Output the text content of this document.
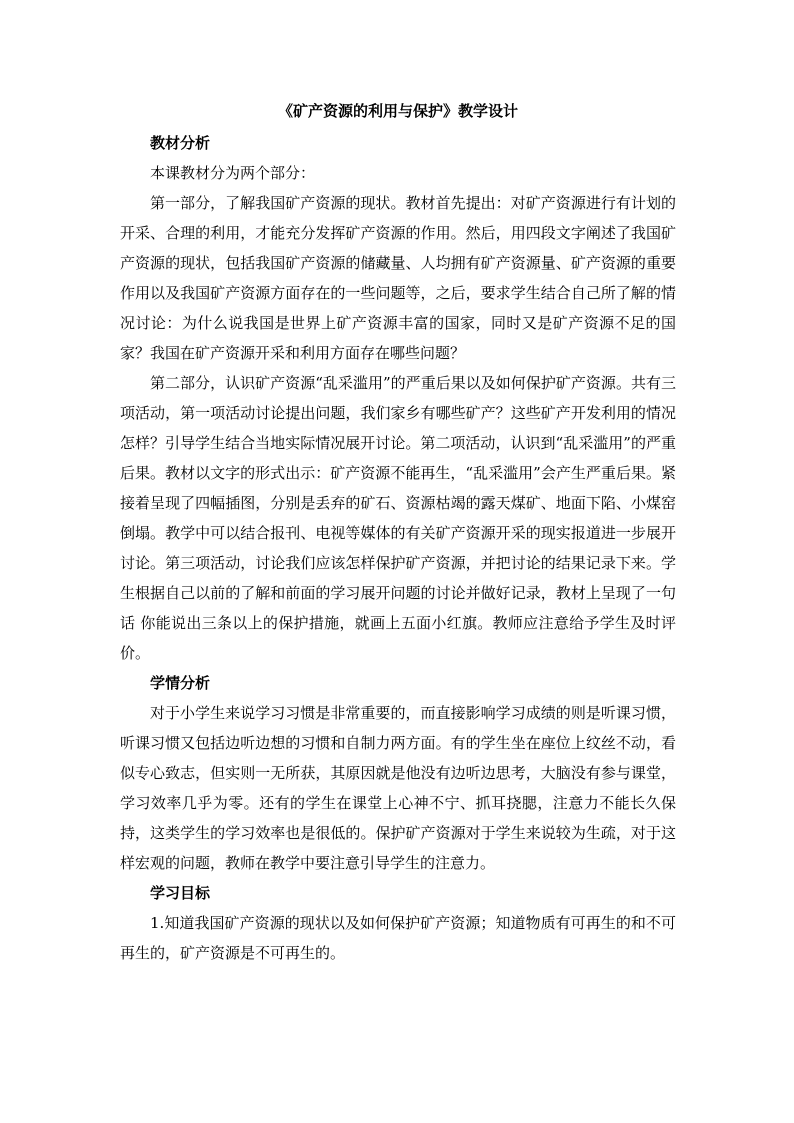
《矿产资源的利用与保护》教学设计
教材分析

本课教材分为两个部分：

第一部分，了解我国矿产资源的现状。教材首先提出：对矿产资源进行有计划的开采、合理的利用，才能充分发挥矿产资源的作用。然后，用四段文字阐述了我国矿产资源的现状，包括我国矿产资源的储藏量、人均拥有矿产资源量、矿产资源的重要作用以及我国矿产资源方面存在的一些问题等，之后，要求学生结合自己所了解的情况讨论：为什么说我国是世界上矿产资源丰富的国家，同时又是矿产资源不足的国家？我国在矿产资源开采和利用方面存在哪些问题？

第二部分，认识矿产资源“乱采滥用”的严重后果以及如何保护矿产资源。共有三项活动，第一项活动讨论提出问题，我们家乡有哪些矿产？这些矿产开发利用的情况怎样？引导学生结合当地实际情况展开讨论。第二项活动，认识到“乱采滥用”的严重后果。教材以文字的形式出示：矿产资源不能再生，“乱采滥用”会产生严重后果。紧接着呈现了四幅插图，分别是丢弃的矿石、资源枯竭的露天煤矿、地面下陷、小煤窑倒塌。教学中可以结合报刊、电视等媒体的有关矿产资源开采的现实报道进一步展开讨论。第三项活动，讨论我们应该怎样保护矿产资源，并把讨论的结果记录下来。学生根据自己以前的了解和前面的学习展开问题的讨论并做好记录，教材上呈现了一句话 你能说出三条以上的保护措施，就画上五面小红旗。教师应注意给予学生及时评价。

学情分析

对于小学生来说学习习惯是非常重要的，而直接影响学习成绩的则是听课习惯，听课习惯又包括边听边想的习惯和自制力两方面。有的学生坐在座位上纹丝不动，看似专心致志，但实则一无所获，其原因就是他没有边听边思考，大脑没有参与课堂，学习效率几乎为零。还有的学生在课堂上心神不宁、抓耳挠腮，注意力不能长久保持，这类学生的学习效率也是很低的。保护矿产资源对于学生来说较为生疏，对于这样宏观的问题，教师在教学中要注意引导学生的注意力。

学习目标

1.知道我国矿产资源的现状以及如何保护矿产资源；知道物质有可再生的和不可再生的，矿产资源是不可再生的。
